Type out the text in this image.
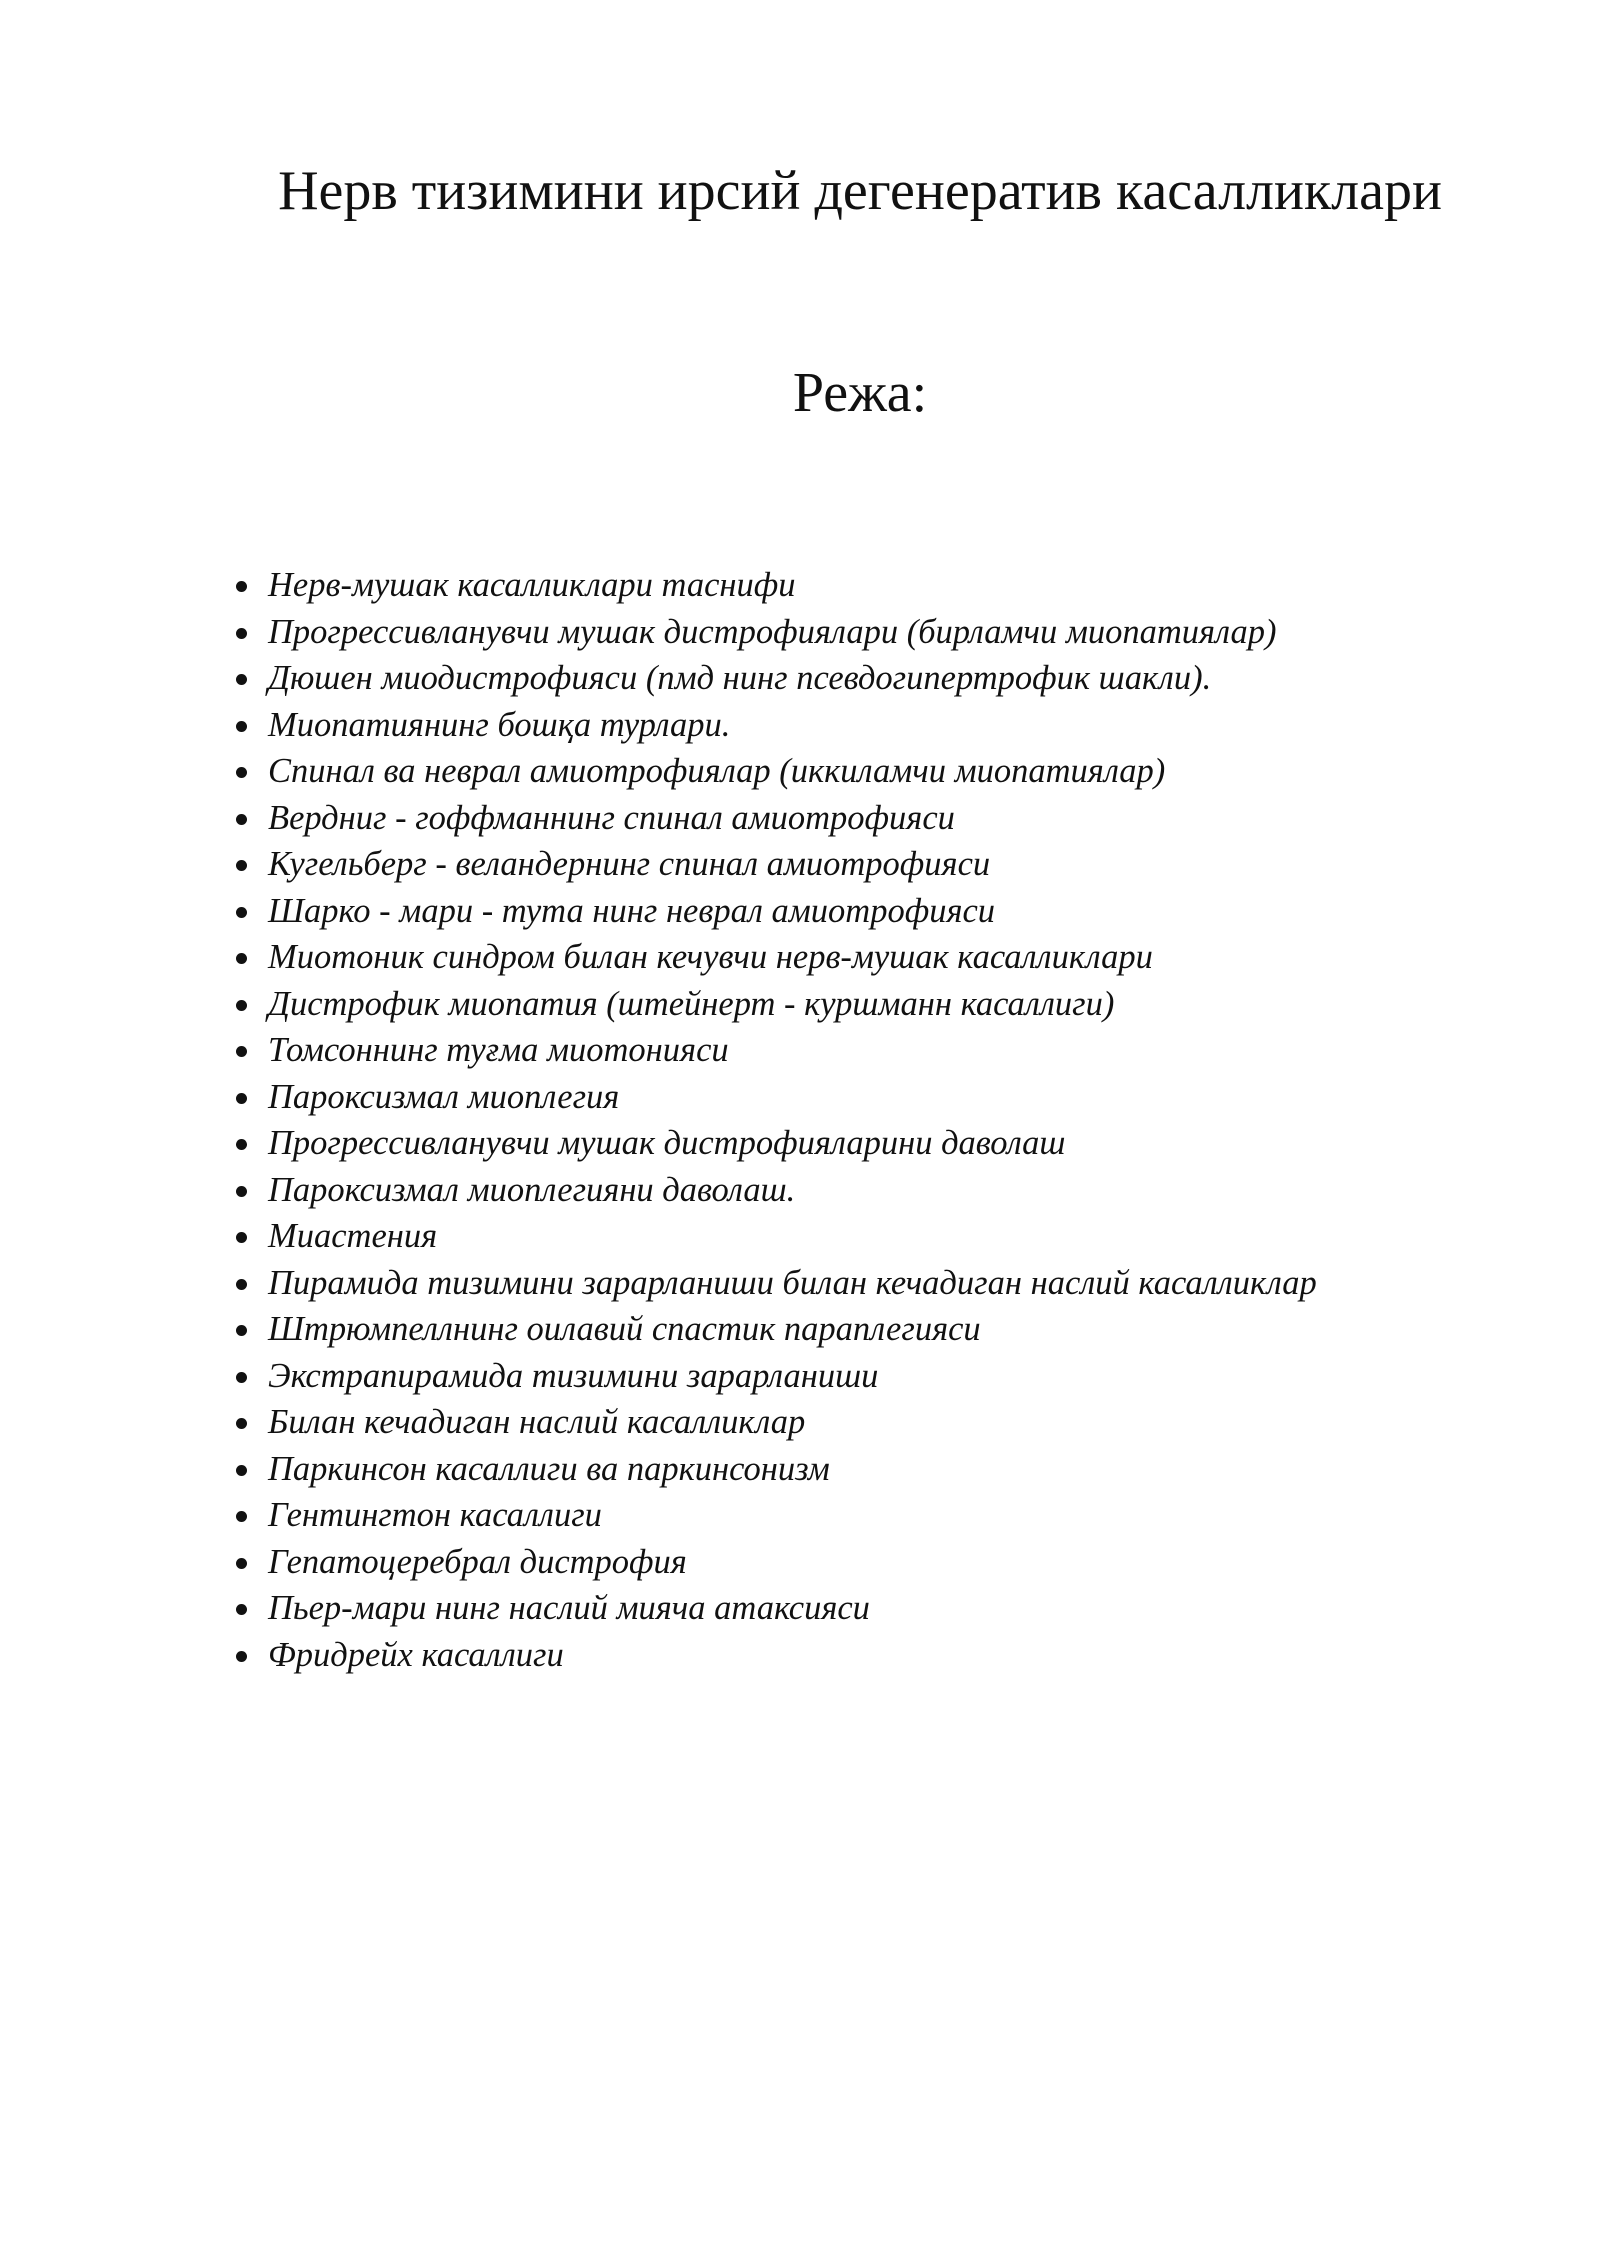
Нерв тизимини ирсий дегенератив касалликлари
Режа:
Нерв-мушак касалликлари таснифи
Прогрессивланувчи мушак дистрофиялари (бирламчи миопатиялар)
Дюшен миодистрофияси (пмд нинг псевдогипертрофик шакли).
Миопатиянинг бошқа турлари.
Спинал ва неврал амиотрофиялар (иккиламчи миопатиялар)
Вердниг - гоффманнинг спинал амиотрофияси
Кугельберг - веландернинг спинал амиотрофияси
Шарко - мари - тута нинг неврал амиотрофияси
Миотоник синдром билан кечувчи нерв-мушак касалликлари
Дистрофик миопатия (штейнерт - куршманн касаллиги)
Томсоннинг туғма миотонияси
Пароксизмал миоплегия
Прогрессивланувчи мушак дистрофияларини даволаш
Пароксизмал миоплегияни даволаш.
Миастения
Пирамида тизимини зарарланиши билан кечадиган наслий касалликлар
Штрюмпеллнинг оилавий спастик параплегияси
Экстрапирамида тизимини зарарланиши
Билан кечадиган наслий касалликлар
Паркинсон касаллиги ва паркинсонизм
Гентингтон касаллиги
Гепатоцеребрал дистрофия
Пьер-мари нинг наслий мияча атаксияси
Фридрейх касаллиги
